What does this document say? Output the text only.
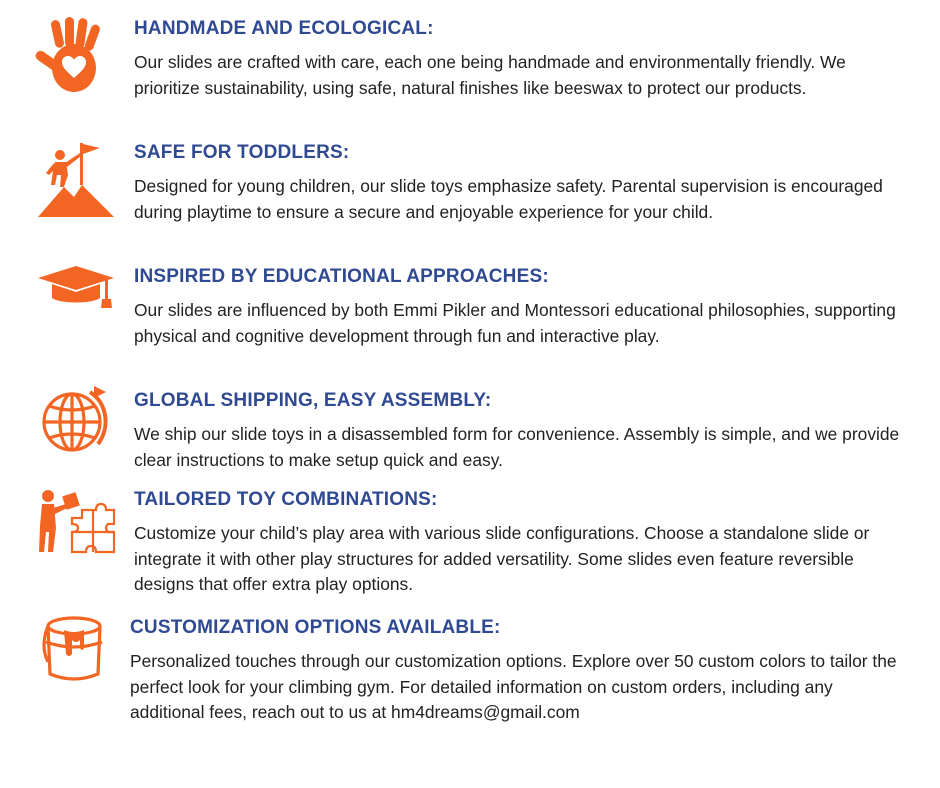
HANDMADE AND ECOLOGICAL:

Our slides are crafted with care, each one being handmade and environmentally friendly. We prioritize sustainability, using safe, natural finishes like beeswax to protect our products.

SAFE FOR TODDLERS:

Designed for young children, our slide toys emphasize safety. Parental supervision is encouraged during playtime to ensure a secure and enjoyable experience for your child.

INSPIRED BY EDUCATIONAL APPROACHES:

Our slides are influenced by both Emmi Pikler and Montessori educational philosophies, supporting physical and cognitive development through fun and interactive play.

GLOBAL SHIPPING, EASY ASSEMBLY:

We ship our slide toys in a disassembled form for convenience. Assembly is simple, and we provide clear instructions to make setup quick and easy.

TAILORED TOY COMBINATIONS:

Customize your child’s play area with various slide configurations. Choose a standalone slide or integrate it with other play structures for added versatility. Some slides even feature reversible designs that offer extra play options.

CUSTOMIZATION OPTIONS AVAILABLE:

Personalized touches through our customization options. Explore over 50 custom colors to tailor the perfect look for your climbing gym. For detailed information on custom orders, including any additional fees, reach out to us at hm4dreams@gmail.com
